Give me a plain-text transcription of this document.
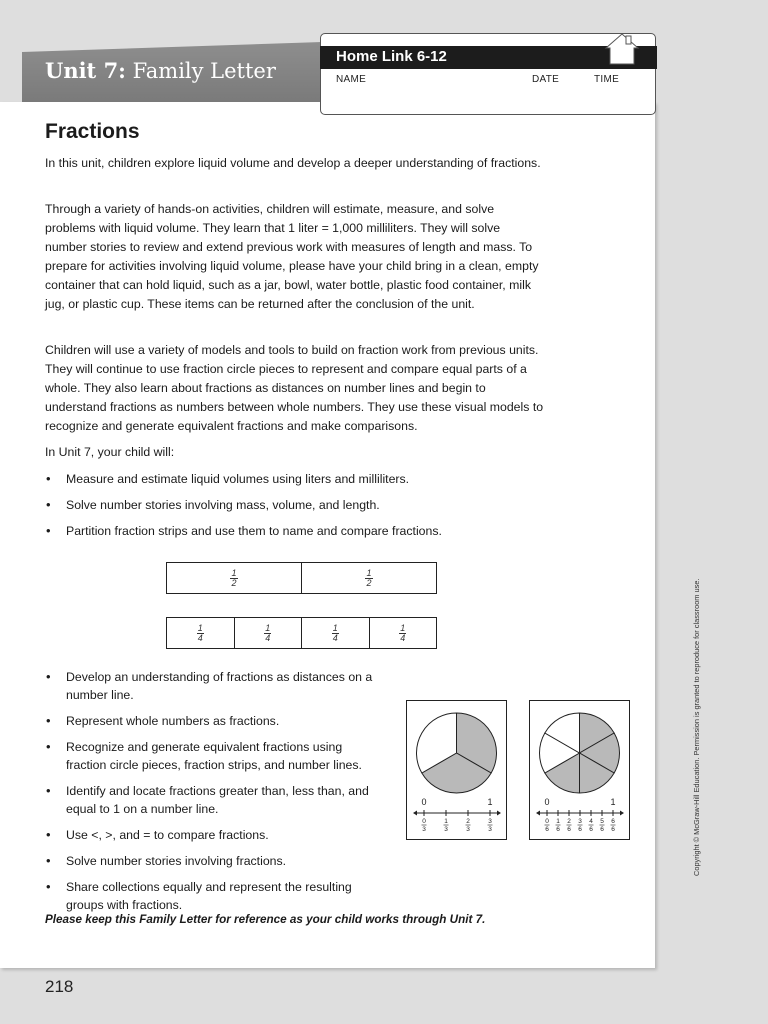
Unit 7: Family Letter
Home Link 6-12
NAME	DATE	TIME
Fractions

In this unit, children explore liquid volume and develop a deeper understanding of fractions.

Through a variety of hands-on activities, children will estimate, measure, and solve problems with liquid volume. They learn that 1 liter = 1,000 milliliters. They will solve number stories to review and extend previous work with measures of length and mass. To prepare for activities involving liquid volume, please have your child bring in a clean, empty container that can hold liquid, such as a jar, bowl, water bottle, plastic food container, milk jug, or plastic cup. These items can be returned after the conclusion of the unit.

Children will use a variety of models and tools to build on fraction work from previous units. They will continue to use fraction circle pieces to represent and compare equal parts of a whole. They also learn about fractions as distances on number lines and begin to understand fractions as numbers between whole numbers. They use these visual models to recognize and generate equivalent fractions and make comparisons.

In Unit 7, your child will:

• Measure and estimate liquid volumes using liters and milliliters.
• Solve number stories involving mass, volume, and length.
• Partition fraction strips and use them to name and compare fractions.
$\frac{1}{2}$	$\frac{1}{2}$
$\frac{1}{4}$	$\frac{1}{4}$	$\frac{1}{4}$	$\frac{1}{4}$
• Develop an understanding of fractions as distances on a number line.
• Represent whole numbers as fractions.
• Recognize and generate equivalent fractions using fraction circle pieces, fraction strips, and number lines.
• Identify and locate fractions greater than, less than, and equal to 1 on a number line.
• Use <, >, and = to compare fractions.
• Solve number stories involving fractions.
• Share collections equally and represent the resulting groups with fractions.
0
3
1
3
2
3
3
3
0	1
0
6
1
6
2
6
3
6
4
6
5
6
6
6
0	1

Please keep this Family Letter for reference as your child works through Unit 7.

218
Copyright © McGraw-Hill Education. Permission is granted to reproduce for classroom use.
